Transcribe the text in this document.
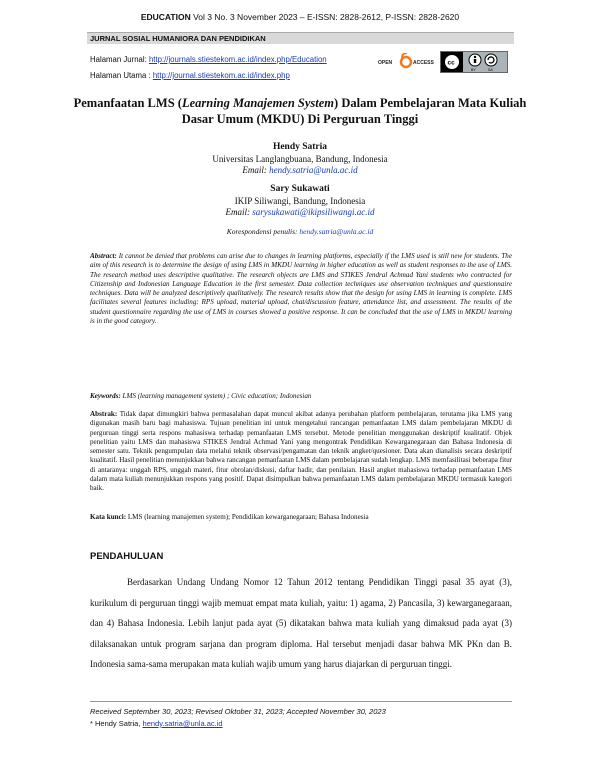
EDUCATION Vol 3 No. 3 November 2023 – E-ISSN: 2828-2612, P-ISSN: 2828-2620
JURNAL SOSIAL HUMANIORA DAN PENDIDIKAN
Halaman Jurnal: http://journals.stiestekom.ac.id/index.php/Education
Halaman Utama : http://journal.stiestekom.ac.id/index.php
OPEN	ACCESS cc
BY	SA
Pemanfaatan LMS (Learning Manajemen System) Dalam Pembelajaran Mata Kuliah Dasar Umum (MKDU) Di Perguruan Tinggi
Hendy Satria
Universitas Langlangbuana, Bandung, Indonesia
Email: hendy.satria@unla.ac.id
Sary Sukawati
IKIP Siliwangi, Bandung, Indonesia
Email: sarysukawati@ikipsiliwangi.ac.id
Korespondensi penulis: hendy.satria@unla.ac.id
Abstract: It cannot be denied that problems can arise due to changes in learning platforms, especially if the LMS used is still new for students. The aim of this research is to determine the design of using LMS in MKDU learning in higher education as well as student responses to the use of LMS. The research method uses descriptive qualitative. The research objects are LMS and STIKES Jendral Achmad Yani students who contracted for Citizenship and Indonesian Language Education in the first semester. Data collection techniques use observation techniques and questionnaire techniques. Data will be analyzed descriptively qualitatively. The research results show that the design for using LMS in learning is complete. LMS facilitates several features including: RPS upload, material upload, chat/discussion feature, attendance list, and assessment. The results of the student questionnaire regarding the use of LMS in courses showed a positive response. It can be concluded that the use of LMS in MKDU learning is in the good category.
Keywords: LMS (learning management system) ; Civic education; Indonesian
Abstrak: Tidak dapat dimungkiri bahwa permasalahan dapat muncul akibat adanya perubahan platform pembelajaran, terutama jika LMS yang digunakan masih baru bagi mahasiswa. Tujuan penelitian ini untuk mengetahui rancangan pemanfaatan LMS dalam pembelajaran MKDU di perguruan tinggi serta respons mahasiswa terhadap pemanfaatan LMS tersebut. Metode penelitian menggunakan deskriptif kualitatif. Objek penelitian yaitu LMS dan mahasiswa STIKES Jendral Achmad Yani yang mengontrak Pendidikan Kewarganegaraan dan Bahasa Indonesia di semester satu. Teknik pengumpulan data melalui teknik observasi/pengamatan dan teknik angket/quesioner. Data akan dianalisis secara deskriptif kualitatif. Hasil penelitian menunjukkan bahwa rancangan pemanfaatan LMS dalam pembelajaran sudah lengkap. LMS memfasilitasi beberapa fitur di antaranya: unggah RPS, unggah materi, fitur obrolan/diskusi, daftar hadir, dan penilaian. Hasil angket mahasiswa terhadap pemanfaatan LMS dalam mata kuliah menunjukkan respons yang positif. Dapat disimpulkan bahwa pemanfaatan LMS dalam pembelajaran MKDU termasuk kategori baik.
Kata kunci: LMS (learning manajemen system); Pendidikan kewarganegaraan; Bahasa Indonesia
PENDAHULUAN
Berdasarkan Undang Undang Nomor 12 Tahun 2012 tentang Pendidikan Tinggi pasal 35 ayat (3), kurikulum di perguruan tinggi wajib memuat empat mata kuliah, yaitu: 1) agama, 2) Pancasila, 3) kewarganegaraan, dan 4) Bahasa Indonesia. Lebih lanjut pada ayat (5) dikatakan bahwa mata kuliah yang dimaksud pada ayat (3) dilaksanakan untuk program sarjana dan program diploma. Hal tersebut menjadi dasar bahwa MK PKn dan B. Indonesia sama-sama merupakan mata kuliah wajib umum yang harus diajarkan di perguruan tinggi.
Received September 30, 2023; Revised Oktober 31, 2023; Accepted November 30, 2023
* Hendy Satria, hendy.satria@unla.ac.id
